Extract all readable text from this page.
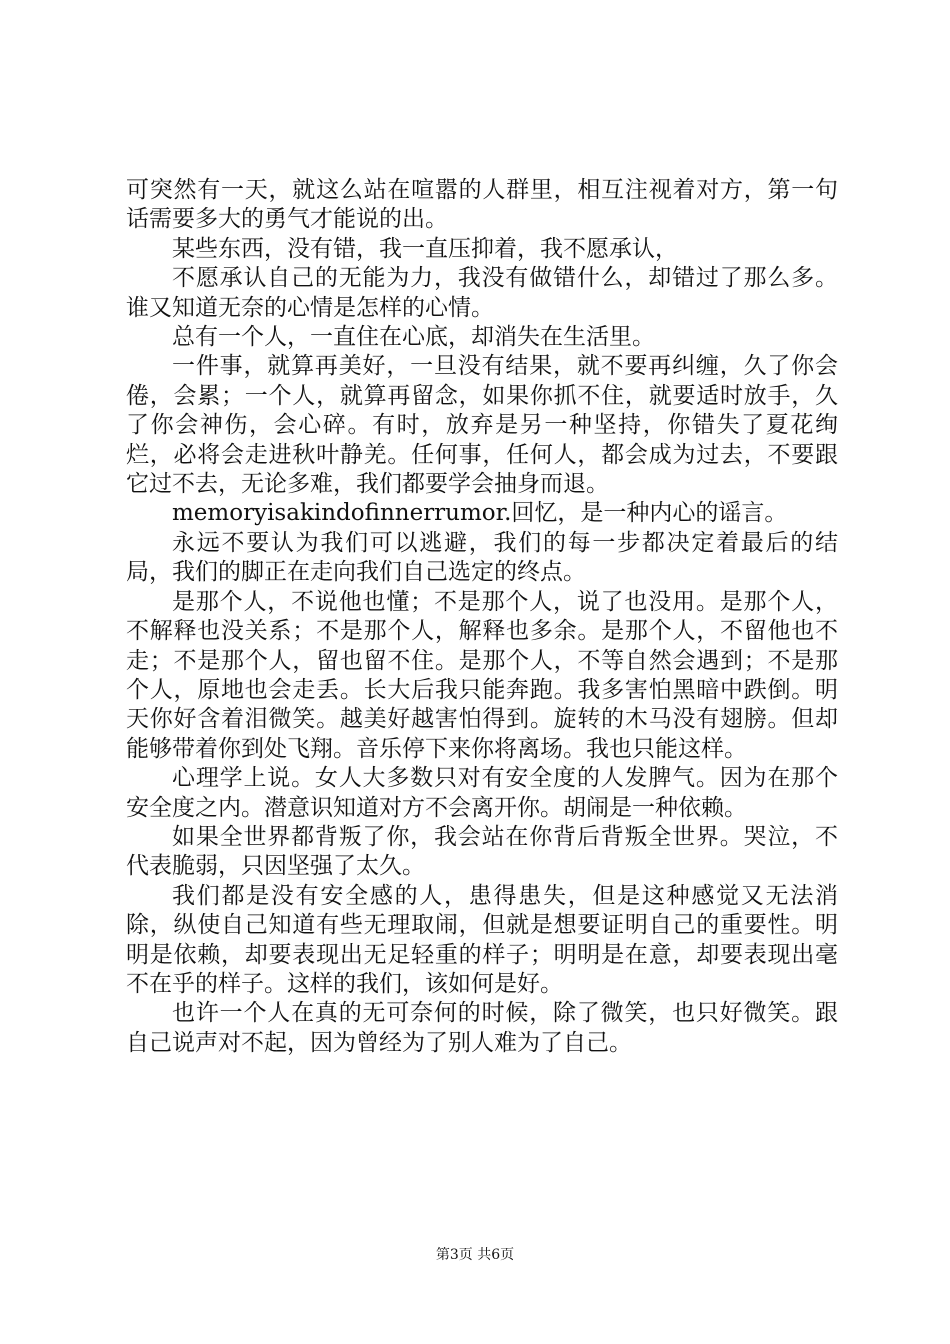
可突然有一天，就这么站在喧嚣的人群里，相互注视着对方，第一句话需要多大的勇气才能说的出。

某些东西，没有错，我一直压抑着，我不愿承认，

不愿承认自己的无能为力，我没有做错什么，却错过了那么多。谁又知道无奈的心情是怎样的心情。

总有一个人，一直住在心底，却消失在生活里。

一件事，就算再美好，一旦没有结果，就不要再纠缠，久了你会倦，会累；一个人，就算再留念，如果你抓不住，就要适时放手，久了你会神伤，会心碎。有时，放弃是另一种坚持，你错失了夏花绚烂，必将会走进秋叶静羌。任何事，任何人，都会成为过去，不要跟它过不去，无论多难，我们都要学会抽身而退。

memoryisakindofinnerrumor.回忆，是一种内心的谣言。

永远不要认为我们可以逃避，我们的每一步都决定着最后的结局，我们的脚正在走向我们自己选定的终点。

是那个人，不说他也懂；不是那个人，说了也没用。是那个人，不解释也没关系；不是那个人，解释也多余。是那个人，不留他也不走；不是那个人，留也留不住。是那个人，不等自然会遇到；不是那个人，原地也会走丢。长大后我只能奔跑。我多害怕黑暗中跌倒。明天你好含着泪微笑。越美好越害怕得到。旋转的木马没有翅膀。但却能够带着你到处飞翔。音乐停下来你将离场。我也只能这样。

心理学上说。女人大多数只对有安全度的人发脾气。因为在那个安全度之内。潜意识知道对方不会离开你。胡闹是一种依赖。

如果全世界都背叛了你，我会站在你背后背叛全世界。哭泣，不代表脆弱，只因坚强了太久。

我们都是没有安全感的人，患得患失，但是这种感觉又无法消除，纵使自己知道有些无理取闹，但就是想要证明自己的重要性。明明是依赖，却要表现出无足轻重的样子；明明是在意，却要表现出毫不在乎的样子。这样的我们，该如何是好。

也许一个人在真的无可奈何的时候，除了微笑，也只好微笑。跟自己说声对不起，因为曾经为了别人难为了自己。

第3页 共6页
